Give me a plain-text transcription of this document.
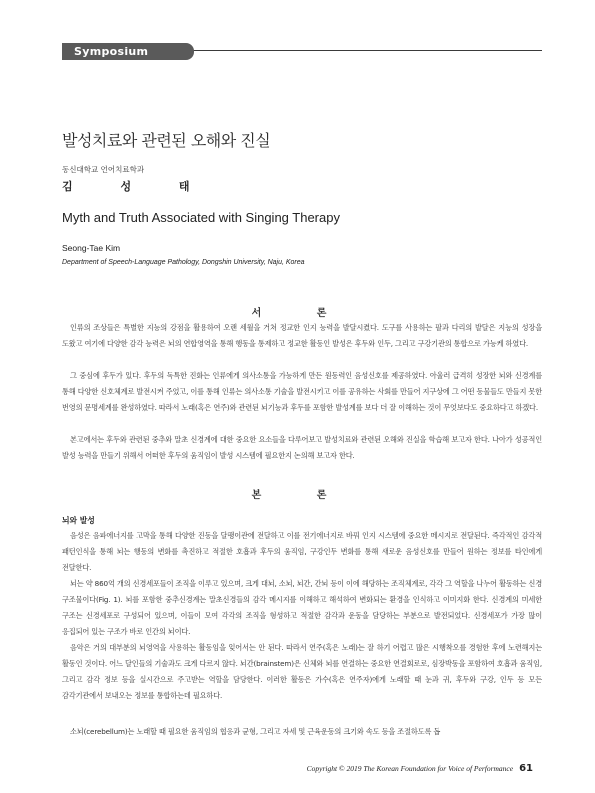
Symposium
발성치료와 관련된 오해와 진실
동신대학교 언어치료학과
김 성 태
Myth and Truth Associated with Singing Therapy
Seong-Tae Kim
Department of Speech-Language Pathology, Dongshin University, Naju, Korea
서 론

인류의 조상들은 특별한 지능의 강점을 활용하여 오랜 세월을 거쳐 정교한 인지 능력을 발달시켰다. 도구를 사용하는 팔과 다리의 발달은 지능의 성장을 도왔고 여기에 다양한 감각 능력은 뇌의 연합영역을 통해 행동을 통제하고 정교한 활동인 발성은 후두와 인두, 그리고 구강기관의 통합으로 가능케 하였다.

그 중심에 후두가 있다. 후두의 독특한 진화는 인류에게 의사소통을 가능하게 만든 원동력인 음성신호를 제공하였다. 아울러 급격히 성장한 뇌와 신경계를 통해 다양한 신호체계로 발전시켜 주었고, 이를 통해 인류는 의사소통 기술을 발전시키고 이를 공유하는 사회를 만들어 지구상에 그 어떤 동물들도 만들지 못한 번영의 문명세계를 완성하였다. 따라서 노래(혹은 연주)와 관련된 뇌기능과 후두를 포함한 발성계를 보다 더 잘 이해하는 것이 무엇보다도 중요하다고 하겠다.

본고에서는 후두와 관련된 중추와 말초 신경계에 대한 중요한 요소들을 다루어보고 발성치료와 관련된 오해와 진실을 학습해 보고자 한다. 나아가 성공적인 발성 능력을 만들기 위해서 어떠한 후두의 움직임이 발성 시스템에 필요한지 논의해 보고자 한다.

본 론
뇌와 발성

음성은 음파에너지를 고막을 통해 다양한 진동을 달팽이관에 전달하고 이를 전기에너지로 바꿔 인지 시스템에 중요한 메시지로 전달된다. 즉각적인 감각적 패턴인식을 통해 뇌는 행동의 변화를 촉진하고 적절한 호흡과 후두의 움직임, 구강인두 변화를 통해 새로운 음성신호를 만들어 원하는 정보를 타인에게 전달한다.

뇌는 약 860억 개의 신경세포들이 조직을 이루고 있으며, 크게 대뇌, 소뇌, 뇌간, 간뇌 등이 이에 해당하는 조직체계로, 각각 그 역할을 나누어 활동하는 신경 구조물이다(Fig. 1). 뇌를 포함한 중추신경계는 말초신경들의 감각 메시지를 이해하고 해석하여 변화되는 환경을 인식하고 이미지화 한다. 신경계의 미세한 구조는 신경세포로 구성되어 있으며, 이들이 모여 각각의 조직을 형성하고 적절한 감각과 운동을 담당하는 부분으로 발전되었다. 신경세포가 가장 많이 응집되어 있는 구조가 바로 인간의 뇌이다.

음악은 거의 대부분의 뇌영역을 사용하는 활동임을 잊어서는 안 된다. 따라서 연주(혹은 노래)는 잘 하기 어렵고 많은 시행착오를 경험한 후에 노련해지는 활동인 것이다. 어느 달인들의 기술과도 크게 다르지 않다. 뇌간(brainstem)은 신체와 뇌를 연결하는 중요한 연결회로로, 심장박동을 포함하여 호흡과 움직임, 그리고 감각 정보 등을 실시간으로 주고받는 역할을 담당한다. 이러한 활동은 가수(혹은 연주자)에게 노래할 때 눈과 귀, 후두와 구강, 인두 등 모든 감각기관에서 보내오는 정보를 통합하는데 필요하다.

소뇌(cerebellum)는 노래할 때 필요한 움직임의 협응과 균형, 그리고 자세 및 근육운동의 크기와 속도 등을 조절하도록 돕

Copyright © 2019 The Korean Foundation for Voice of Performance 61
